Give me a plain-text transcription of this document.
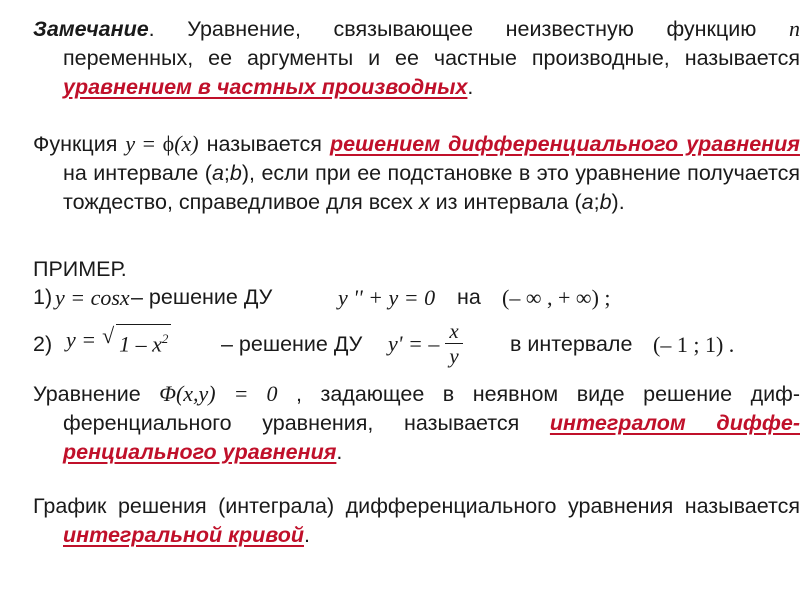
Замечание. Уравнение, связывающее неизвестную функцию n переменных, ее аргументы и ее частные производные, называется уравнением в частных производных.
Функция y = ϕ(x) называется решением дифференциального уравнения на интервале (a;b), если при ее подстановке в это уравнение получается тождество, справедливое для всех x из интервала (a;b).
ПРИМЕР.
1) y = cosx – решение ДУ	y '' + y = 0 на (– ∞ , + ∞) ;
2) y = √ $1 - x^2$ – решение ДУ y' = – $\frac{x}{y}$ в интервале (– 1 ; 1) .
Уравнение Φ(x,y) = 0 , задающее в неявном виде решение диф-ференциального уравнения, называется интегралом диффе-ренциального уравнения.
График решения (интеграла) дифференциального уравнения называется интегральной кривой.
